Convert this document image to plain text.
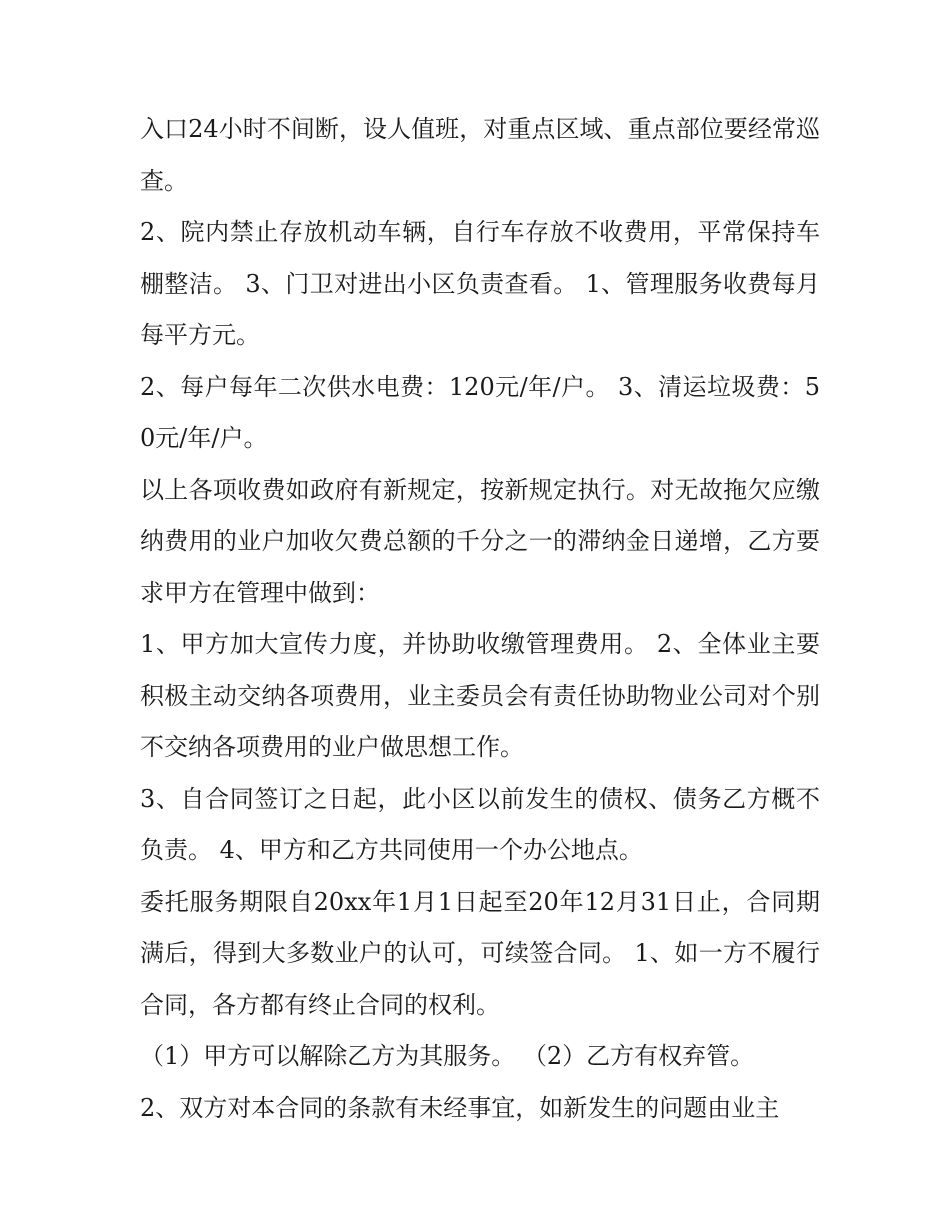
入口24小时不间断，设人值班，对重点区域、重点部位要经常巡查。

2、院内禁止存放机动车辆，自行车存放不收费用，平常保持车棚整洁。 3、门卫对进出小区负责查看。 1、管理服务收费每月每平方元。

2、每户每年二次供水电费：120元/年/户。 3、清运垃圾费：50元/年/户。

以上各项收费如政府有新规定，按新规定执行。对无故拖欠应缴纳费用的业户加收欠费总额的千分之一的滞纳金日递增，乙方要求甲方在管理中做到：

1、甲方加大宣传力度，并协助收缴管理费用。 2、全体业主要积极主动交纳各项费用，业主委员会有责任协助物业公司对个别不交纳各项费用的业户做思想工作。

3、自合同签订之日起，此小区以前发生的债权、债务乙方概不负责。 4、甲方和乙方共同使用一个办公地点。

委托服务期限自20xx年1月1日起至20年12月31日止，合同期满后，得到大多数业户的认可，可续签合同。 1、如一方不履行合同，各方都有终止合同的权利。

（1）甲方可以解除乙方为其服务。 （2）乙方有权弃管。

2、双方对本合同的条款有未经事宜，如新发生的问题由业主
